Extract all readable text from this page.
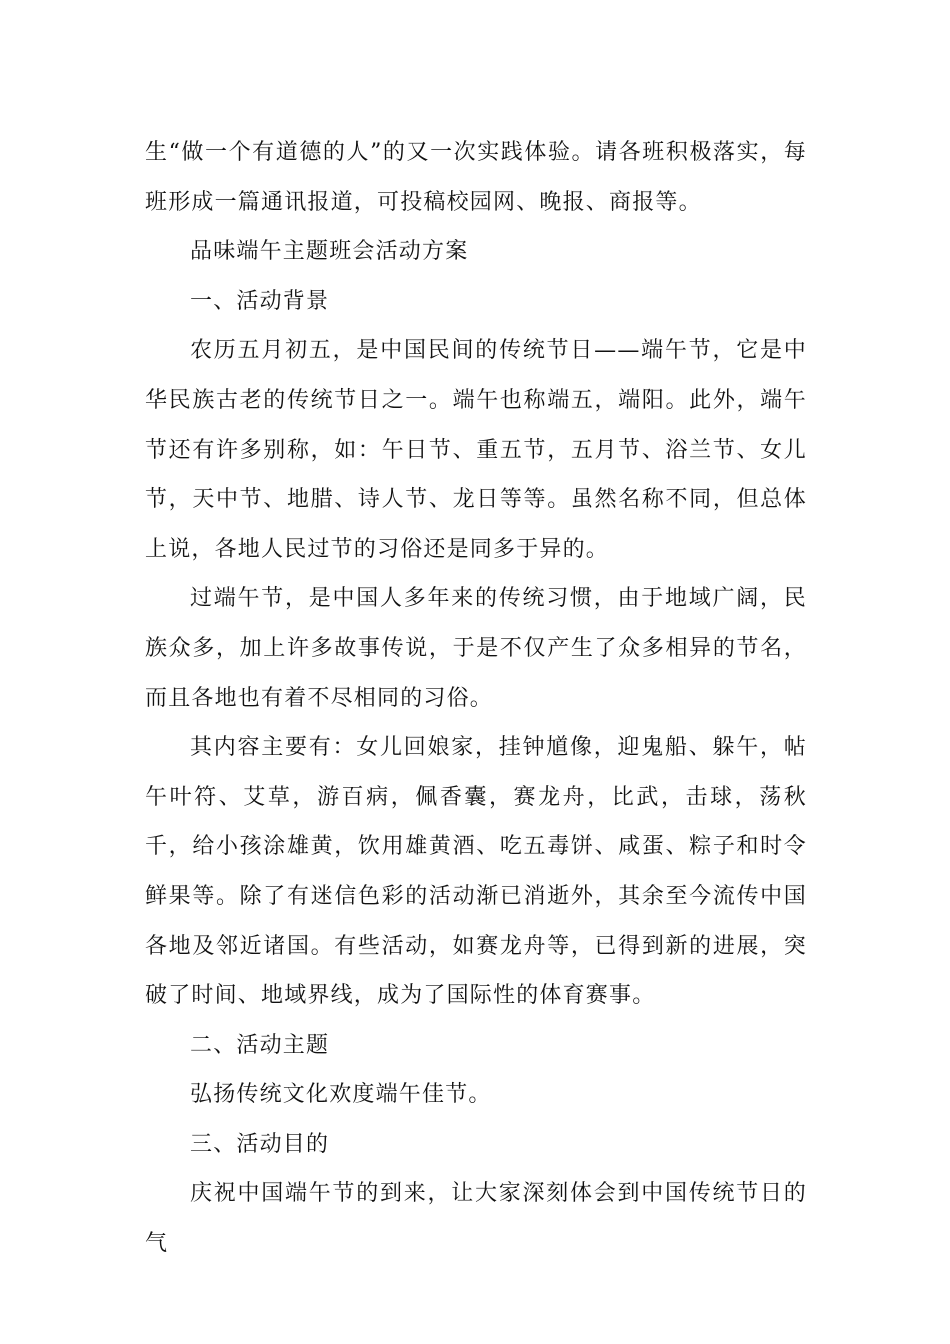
生“做一个有道德的人”的又一次实践体验。请各班积极落实，每班形成一篇通讯报道，可投稿校园网、晚报、商报等。

品味端午主题班会活动方案

一、活动背景

农历五月初五，是中国民间的传统节日——端午节，它是中华民族古老的传统节日之一。端午也称端五，端阳。此外，端午节还有许多别称，如：午日节、重五节，五月节、浴兰节、女儿节，天中节、地腊、诗人节、龙日等等。虽然名称不同，但总体上说，各地人民过节的习俗还是同多于异的。

过端午节，是中国人多年来的传统习惯，由于地域广阔，民族众多，加上许多故事传说，于是不仅产生了众多相异的节名，而且各地也有着不尽相同的习俗。

其内容主要有：女儿回娘家，挂钟馗像，迎鬼船、躲午，帖午叶符、艾草，游百病，佩香囊，赛龙舟，比武，击球，荡秋千，给小孩涂雄黄，饮用雄黄酒、吃五毒饼、咸蛋、粽子和时令鲜果等。除了有迷信色彩的活动渐已消逝外，其余至今流传中国各地及邻近诸国。有些活动，如赛龙舟等，已得到新的进展，突破了时间、地域界线，成为了国际性的体育赛事。

二、活动主题

弘扬传统文化欢度端午佳节。

三、活动目的

庆祝中国端午节的到来，让大家深刻体会到中国传统节日的气
